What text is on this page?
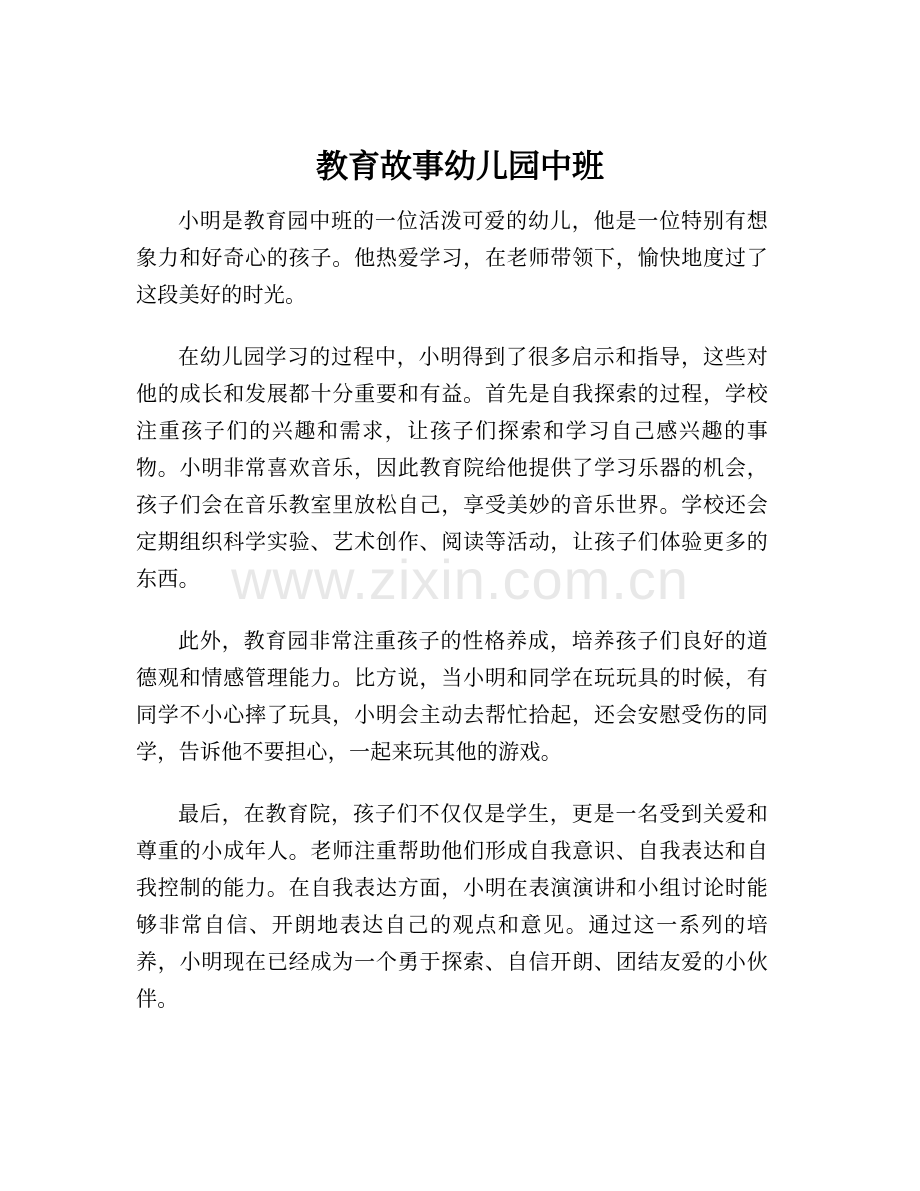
教育故事幼儿园中班

小明是教育园中班的一位活泼可爱的幼儿，他是一位特别有想象力和好奇心的孩子。他热爱学习，在老师带领下，愉快地度过了这段美好的时光。

在幼儿园学习的过程中，小明得到了很多启示和指导，这些对他的成长和发展都十分重要和有益。首先是自我探索的过程，学校注重孩子们的兴趣和需求，让孩子们探索和学习自己感兴趣的事物。小明非常喜欢音乐，因此教育院给他提供了学习乐器的机会，孩子们会在音乐教室里放松自己，享受美妙的音乐世界。学校还会定期组织科学实验、艺术创作、阅读等活动，让孩子们体验更多的东西。

此外，教育园非常注重孩子的性格养成，培养孩子们良好的道德观和情感管理能力。比方说，当小明和同学在玩玩具的时候，有同学不小心摔了玩具，小明会主动去帮忙拾起，还会安慰受伤的同学，告诉他不要担心，一起来玩其他的游戏。

最后，在教育院，孩子们不仅仅是学生，更是一名受到关爱和尊重的小成年人。老师注重帮助他们形成自我意识、自我表达和自我控制的能力。在自我表达方面，小明在表演演讲和小组讨论时能够非常自信、开朗地表达自己的观点和意见。通过这一系列的培养，小明现在已经成为一个勇于探索、自信开朗、团结友爱的小伙伴。

www.zixin.com.cn
